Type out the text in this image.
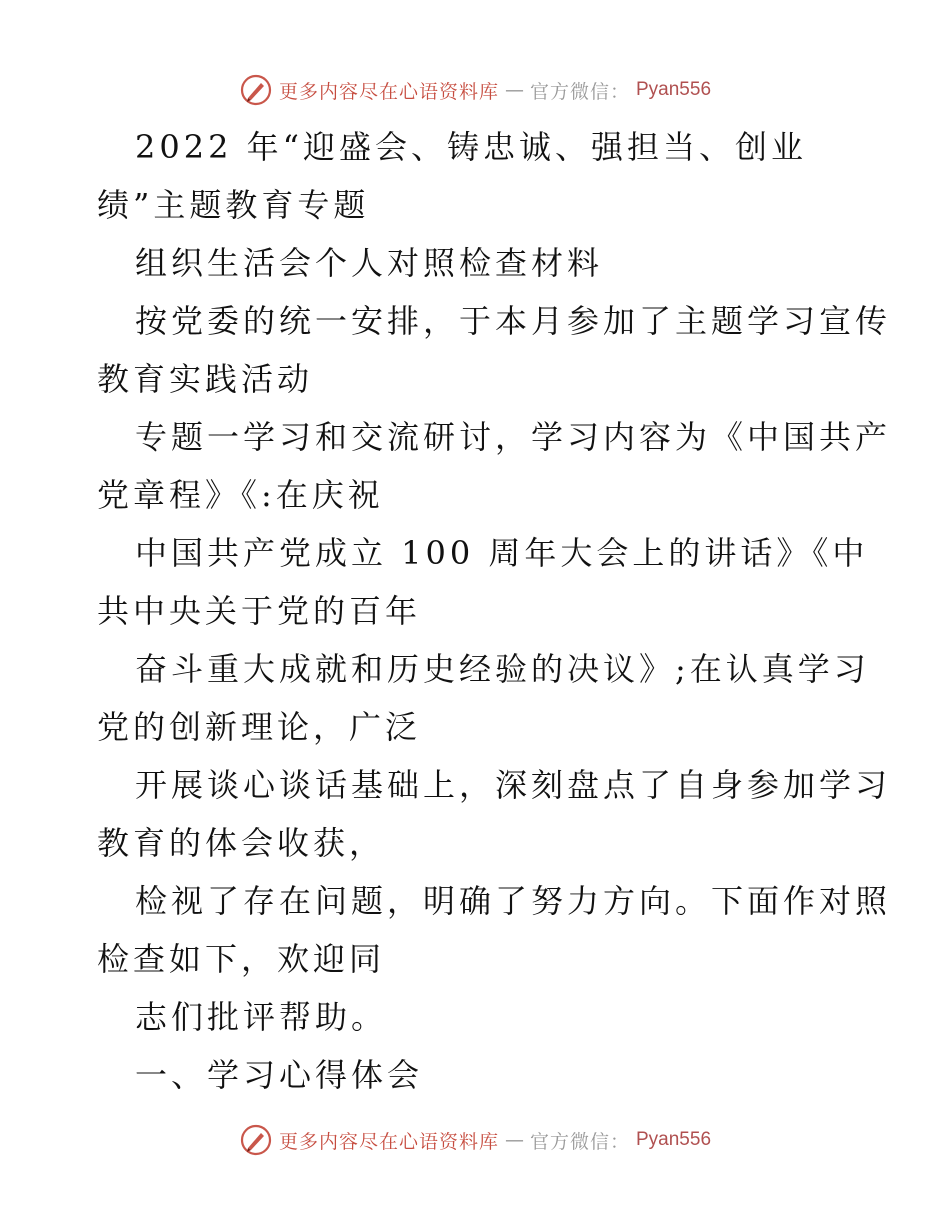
更多内容尽在心语资料库 — 官方微信： Pyan556
2022 年“迎盛会、铸忠诚、强担当、创业
绩”主题教育专题
组织生活会个人对照检查材料
按党委的统一安排，于本月参加了主题学习宣传
教育实践活动
专题一学习和交流研讨，学习内容为《中国共产
党章程》《:在庆祝
中国共产党成立 100 周年大会上的讲话》《中
共中央关于党的百年
奋斗重大成就和历史经验的决议》;在认真学习
党的创新理论，广泛
开展谈心谈话基础上，深刻盘点了自身参加学习
教育的体会收获，
检视了存在问题，明确了努力方向。下面作对照
检查如下，欢迎同
志们批评帮助。
一、学习心得体会
更多内容尽在心语资料库 — 官方微信： Pyan556
